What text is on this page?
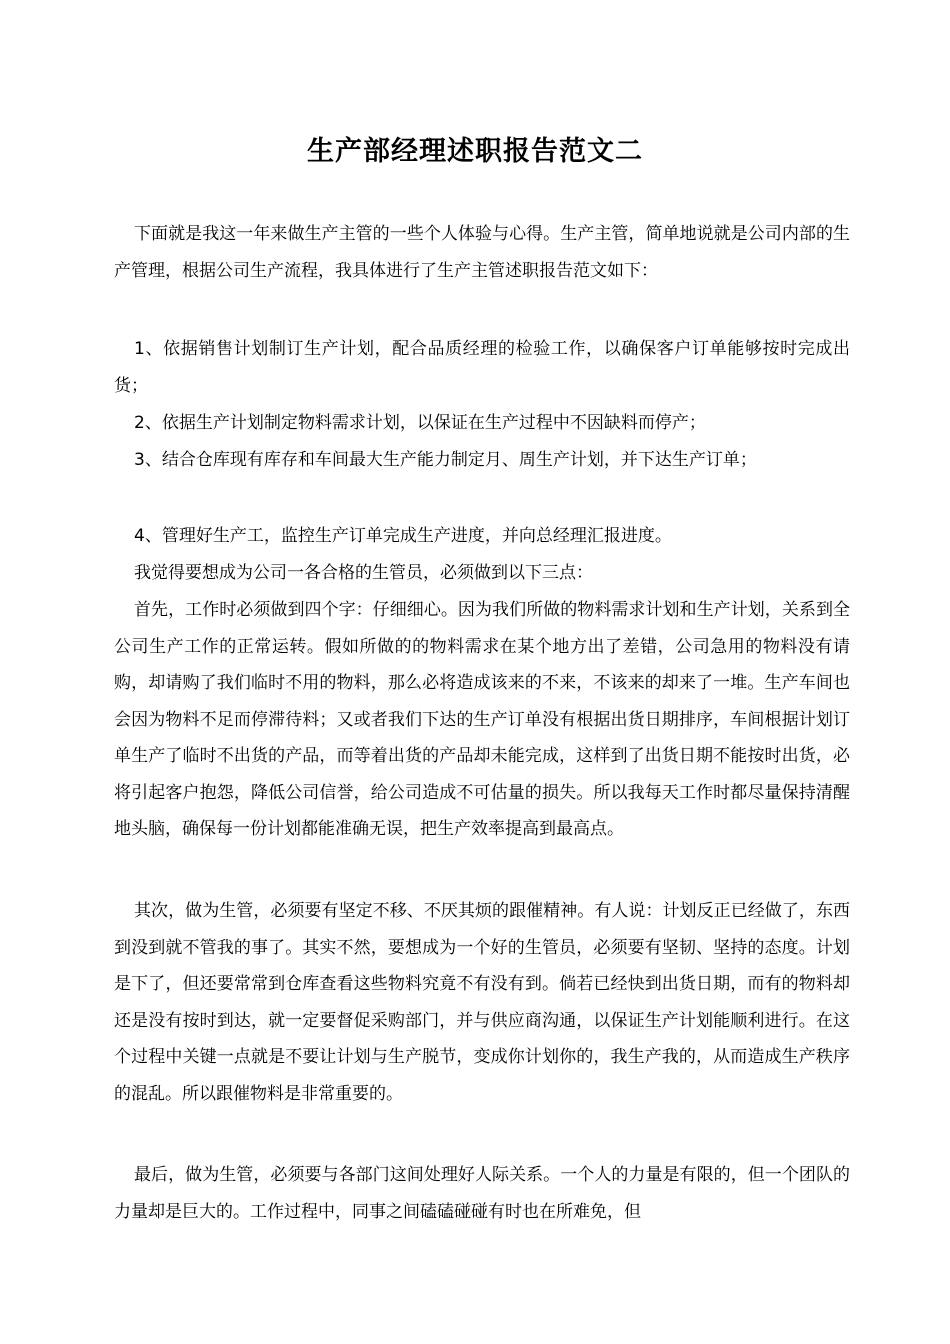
生产部经理述职报告范文二

下面就是我这一年来做生产主管的一些个人体验与心得。生产主管，简单地说就是公司内部的生产管理，根据公司生产流程，我具体进行了生产主管述职报告范文如下：

1、依据销售计划制订生产计划，配合品质经理的检验工作，以确保客户订单能够按时完成出货；

2、依据生产计划制定物料需求计划，以保证在生产过程中不因缺料而停产；

3、结合仓库现有库存和车间最大生产能力制定月、周生产计划，并下达生产订单；

4、管理好生产工，监控生产订单完成生产进度，并向总经理汇报进度。

我觉得要想成为公司一各合格的生管员，必须做到以下三点：

首先，工作时必须做到四个字：仔细细心。因为我们所做的物料需求计划和生产计划，关系到全公司生产工作的正常运转。假如所做的的物料需求在某个地方出了差错，公司急用的物料没有请购，却请购了我们临时不用的物料，那么必将造成该来的不来，不该来的却来了一堆。生产车间也会因为物料不足而停滞待料；又或者我们下达的生产订单没有根据出货日期排序，车间根据计划订单生产了临时不出货的产品，而等着出货的产品却未能完成，这样到了出货日期不能按时出货，必将引起客户抱怨，降低公司信誉，给公司造成不可估量的损失。所以我每天工作时都尽量保持清醒地头脑，确保每一份计划都能准确无误，把生产效率提高到最高点。

其次，做为生管，必须要有坚定不移、不厌其烦的跟催精神。有人说：计划反正已经做了，东西到没到就不管我的事了。其实不然，要想成为一个好的生管员，必须要有坚韧、坚持的态度。计划是下了，但还要常常到仓库查看这些物料究竟不有没有到。倘若已经快到出货日期，而有的物料却还是没有按时到达，就一定要督促采购部门，并与供应商沟通，以保证生产计划能顺利进行。在这个过程中关键一点就是不要让计划与生产脱节，变成你计划你的，我生产我的，从而造成生产秩序的混乱。所以跟催物料是非常重要的。

最后，做为生管，必须要与各部门这间处理好人际关系。一个人的力量是有限的，但一个团队的力量却是巨大的。工作过程中，同事之间磕磕碰碰有时也在所难免，但
